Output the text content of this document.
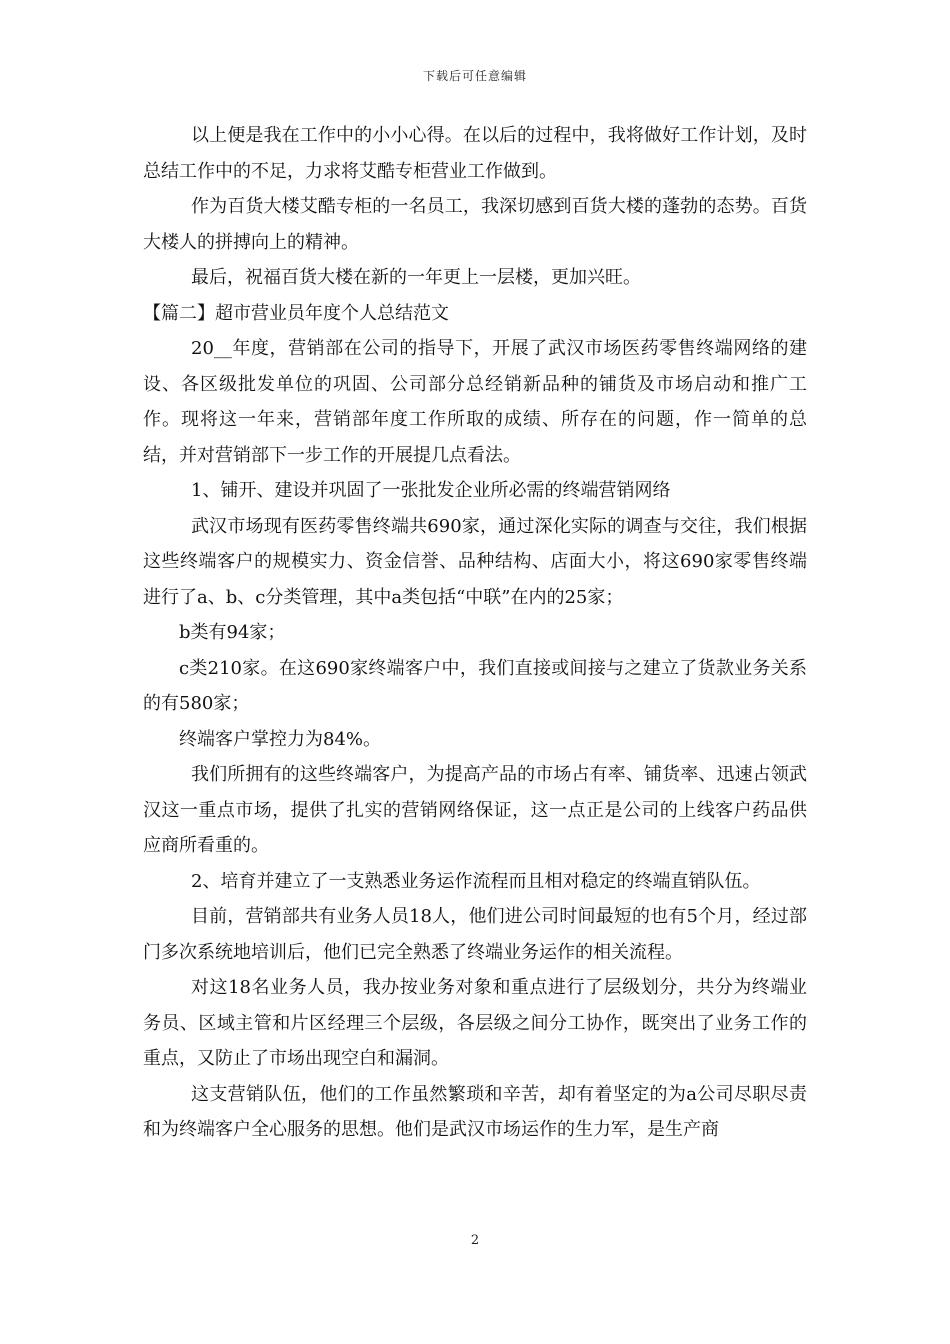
下载后可任意编辑

以上便是我在工作中的小小心得。在以后的过程中，我将做好工作计划，及时总结工作中的不足，力求将艾酷专柜营业工作做到。

作为百货大楼艾酷专柜的一名员工，我深切感到百货大楼的蓬勃的态势。百货大楼人的拼搏向上的精神。

最后，祝福百货大楼在新的一年更上一层楼，更加兴旺。

【篇二】超市营业员年度个人总结范文

20__年度，营销部在公司的指导下，开展了武汉市场医药零售终端网络的建设、各区级批发单位的巩固、公司部分总经销新品种的铺货及市场启动和推广工作。现将这一年来，营销部年度工作所取的成绩、所存在的问题，作一简单的总结，并对营销部下一步工作的开展提几点看法。

1、铺开、建设并巩固了一张批发企业所必需的终端营销网络

武汉市场现有医药零售终端共690家，通过深化实际的调查与交往，我们根据这些终端客户的规模实力、资金信誉、品种结构、店面大小，将这690家零售终端进行了a、b、c分类管理，其中a类包括“中联”在内的25家；

b类有94家；

c类210家。在这690家终端客户中，我们直接或间接与之建立了货款业务关系的有580家；

终端客户掌控力为84%。

我们所拥有的这些终端客户，为提高产品的市场占有率、铺货率、迅速占领武汉这一重点市场，提供了扎实的营销网络保证，这一点正是公司的上线客户药品供应商所看重的。

2、培育并建立了一支熟悉业务运作流程而且相对稳定的终端直销队伍。

目前，营销部共有业务人员18人，他们进公司时间最短的也有5个月，经过部门多次系统地培训后，他们已完全熟悉了终端业务运作的相关流程。

对这18名业务人员，我办按业务对象和重点进行了层级划分，共分为终端业务员、区域主管和片区经理三个层级，各层级之间分工协作，既突出了业务工作的重点，又防止了市场出现空白和漏洞。

这支营销队伍，他们的工作虽然繁琐和辛苦，却有着坚定的为a公司尽职尽责和为终端客户全心服务的思想。他们是武汉市场运作的生力军，是生产商

2
